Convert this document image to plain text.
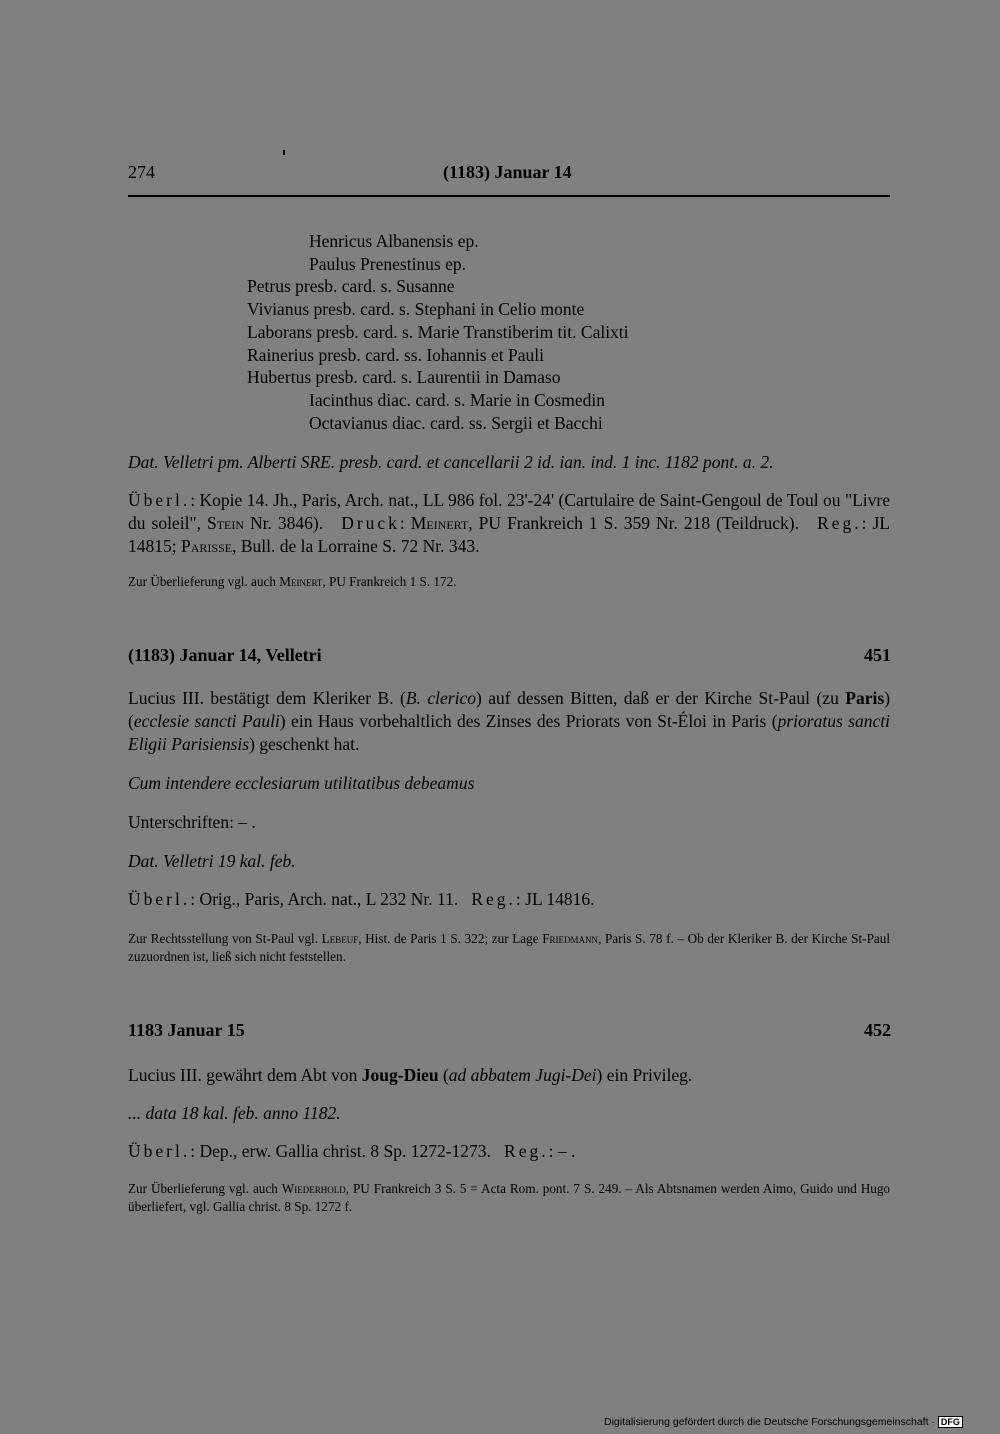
274	(1183) Januar 14
Henricus Albanensis ep.
Paulus Prenestinus ep.
Petrus presb. card. s. Susanne
Vivianus presb. card. s. Stephani in Celio monte
Laborans presb. card. s. Marie Transtiberim tit. Calixti
Rainerius presb. card. ss. Iohannis et Pauli
Hubertus presb. card. s. Laurentii in Damaso
Iacinthus diac. card. s. Marie in Cosmedin
Octavianus diac. card. ss. Sergii et Bacchi
Dat. Velletri pm. Alberti SRE. presb. card. et cancellarii 2 id. ian. ind. 1 inc. 1182 pont. a. 2.
Überl.: Kopie 14. Jh., Paris, Arch. nat., LL 986 fol. 23'-24' (Cartulaire de Saint-Gengoul de Toul ou "Livre du soleil", Stein Nr. 3846). Druck: Meinert, PU Frankreich 1 S. 359 Nr. 218 (Teildruck). Reg.: JL 14815; Parisse, Bull. de la Lorraine S. 72 Nr. 343.
Zur Überlieferung vgl. auch Meinert, PU Frankreich 1 S. 172.
(1183) Januar 14, Velletri	451
Lucius III. bestätigt dem Kleriker B. (B. clerico) auf dessen Bitten, daß er der Kirche St-Paul (zu Paris) (ecclesie sancti Pauli) ein Haus vorbehaltlich des Zinses des Priorats von St-Éloi in Paris (prioratus sancti Eligii Parisiensis) geschenkt hat.
Cum intendere ecclesiarum utilitatibus debeamus
Unterschriften: – .
Dat. Velletri 19 kal. feb.
Überl.: Orig., Paris, Arch. nat., L 232 Nr. 11. Reg.: JL 14816.
Zur Rechtsstellung von St-Paul vgl. Lebeuf, Hist. de Paris 1 S. 322; zur Lage Friedmann, Paris S. 78 f. – Ob der Kleriker B. der Kirche St-Paul zuzuordnen ist, ließ sich nicht feststellen.
1183 Januar 15	452
Lucius III. gewährt dem Abt von Joug-Dieu (ad abbatem Jugi-Dei) ein Privileg.
... data 18 kal. feb. anno 1182.
Überl.: Dep., erw. Gallia christ. 8 Sp. 1272-1273. Reg.: – .
Zur Überlieferung vgl. auch Wiederhold, PU Frankreich 3 S. 5 = Acta Rom. pont. 7 S. 249. – Als Abtsnamen werden Aimo, Guido und Hugo überliefert, vgl. Gallia christ. 8 Sp. 1272 f.
Digitalisierung gefördert durch die Deutsche Forschungsgemeinschaft · DFG
